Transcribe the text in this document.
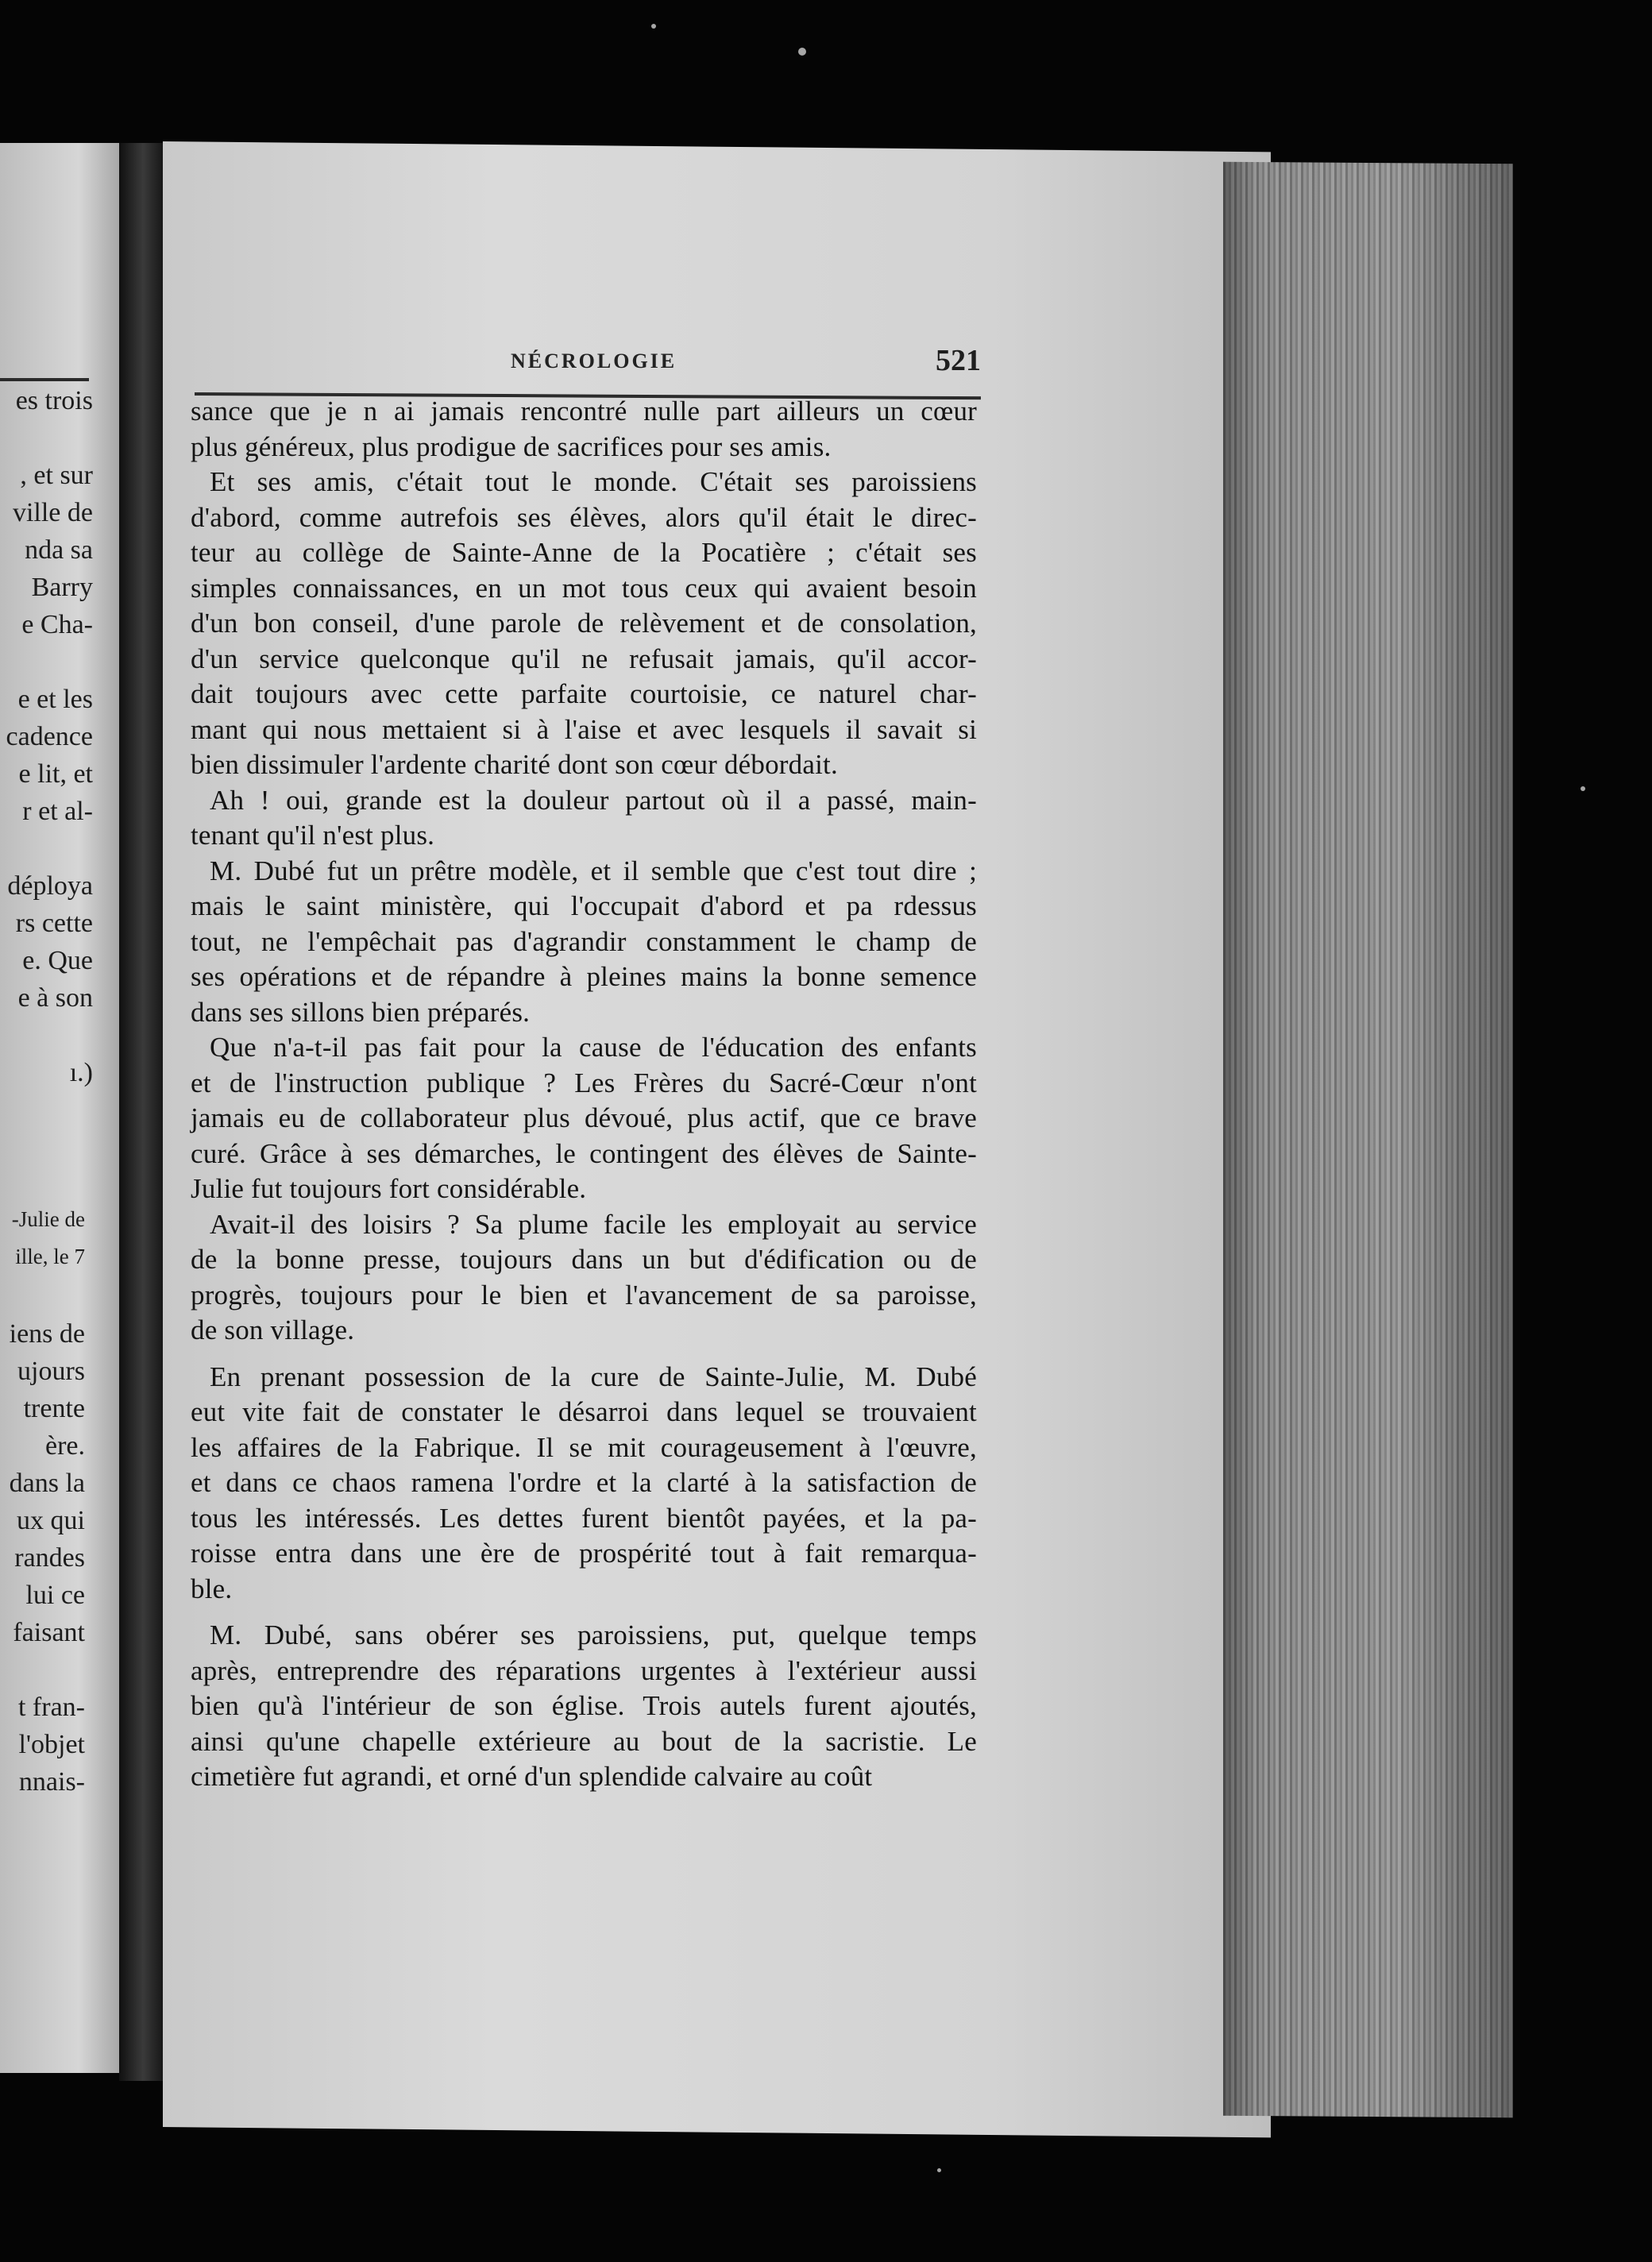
es trois
, et sur
ville de
nda sa
Barry
e Cha-
e et les
cadence
e lit, et
r et al-
déploya
rs cette
e. Que
e à son
ı.)
-Julie de
ille, le 7
iens de
ujours
trente
ère.
dans la
ux qui
randes
lui ce
faisant
t fran-
l'objet
nnais-
NÉCROLOGIE	521
sance que je n ai jamais rencontré nulle part ailleurs un cœur
plus généreux, plus prodigue de sacrifices pour ses amis.
Et ses amis, c'était tout le monde. C'était ses paroissiens
d'abord, comme autrefois ses élèves, alors qu'il était le direc-
teur au collège de Sainte-Anne de la Pocatière ; c'était ses
simples connaissances, en un mot tous ceux qui avaient besoin
d'un bon conseil, d'une parole de relèvement et de consolation,
d'un service quelconque qu'il ne refusait jamais, qu'il accor-
dait toujours avec cette parfaite courtoisie, ce naturel char-
mant qui nous mettaient si à l'aise et avec lesquels il savait si
bien dissimuler l'ardente charité dont son cœur débordait.
Ah ! oui, grande est la douleur partout où il a passé, main-
tenant qu'il n'est plus.
M. Dubé fut un prêtre modèle, et il semble que c'est tout dire ;
mais le saint ministère, qui l'occupait d'abord et pa rdessus
tout, ne l'empêchait pas d'agrandir constamment le champ de
ses opérations et de répandre à pleines mains la bonne semence
dans ses sillons bien préparés.
Que n'a-t-il pas fait pour la cause de l'éducation des enfants
et de l'instruction publique ? Les Frères du Sacré-Cœur n'ont
jamais eu de collaborateur plus dévoué, plus actif, que ce brave
curé. Grâce à ses démarches, le contingent des élèves de Sainte-
Julie fut toujours fort considérable.
Avait-il des loisirs ? Sa plume facile les employait au service
de la bonne presse, toujours dans un but d'édification ou de
progrès, toujours pour le bien et l'avancement de sa paroisse,
de son village.
En prenant possession de la cure de Sainte-Julie, M. Dubé
eut vite fait de constater le désarroi dans lequel se trouvaient
les affaires de la Fabrique. Il se mit courageusement à l'œuvre,
et dans ce chaos ramena l'ordre et la clarté à la satisfaction de
tous les intéressés. Les dettes furent bientôt payées, et la pa-
roisse entra dans une ère de prospérité tout à fait remarqua-
ble.
M. Dubé, sans obérer ses paroissiens, put, quelque temps
après, entreprendre des réparations urgentes à l'extérieur aussi
bien qu'à l'intérieur de son église. Trois autels furent ajoutés,
ainsi qu'une chapelle extérieure au bout de la sacristie. Le
cimetière fut agrandi, et orné d'un splendide calvaire au coût
